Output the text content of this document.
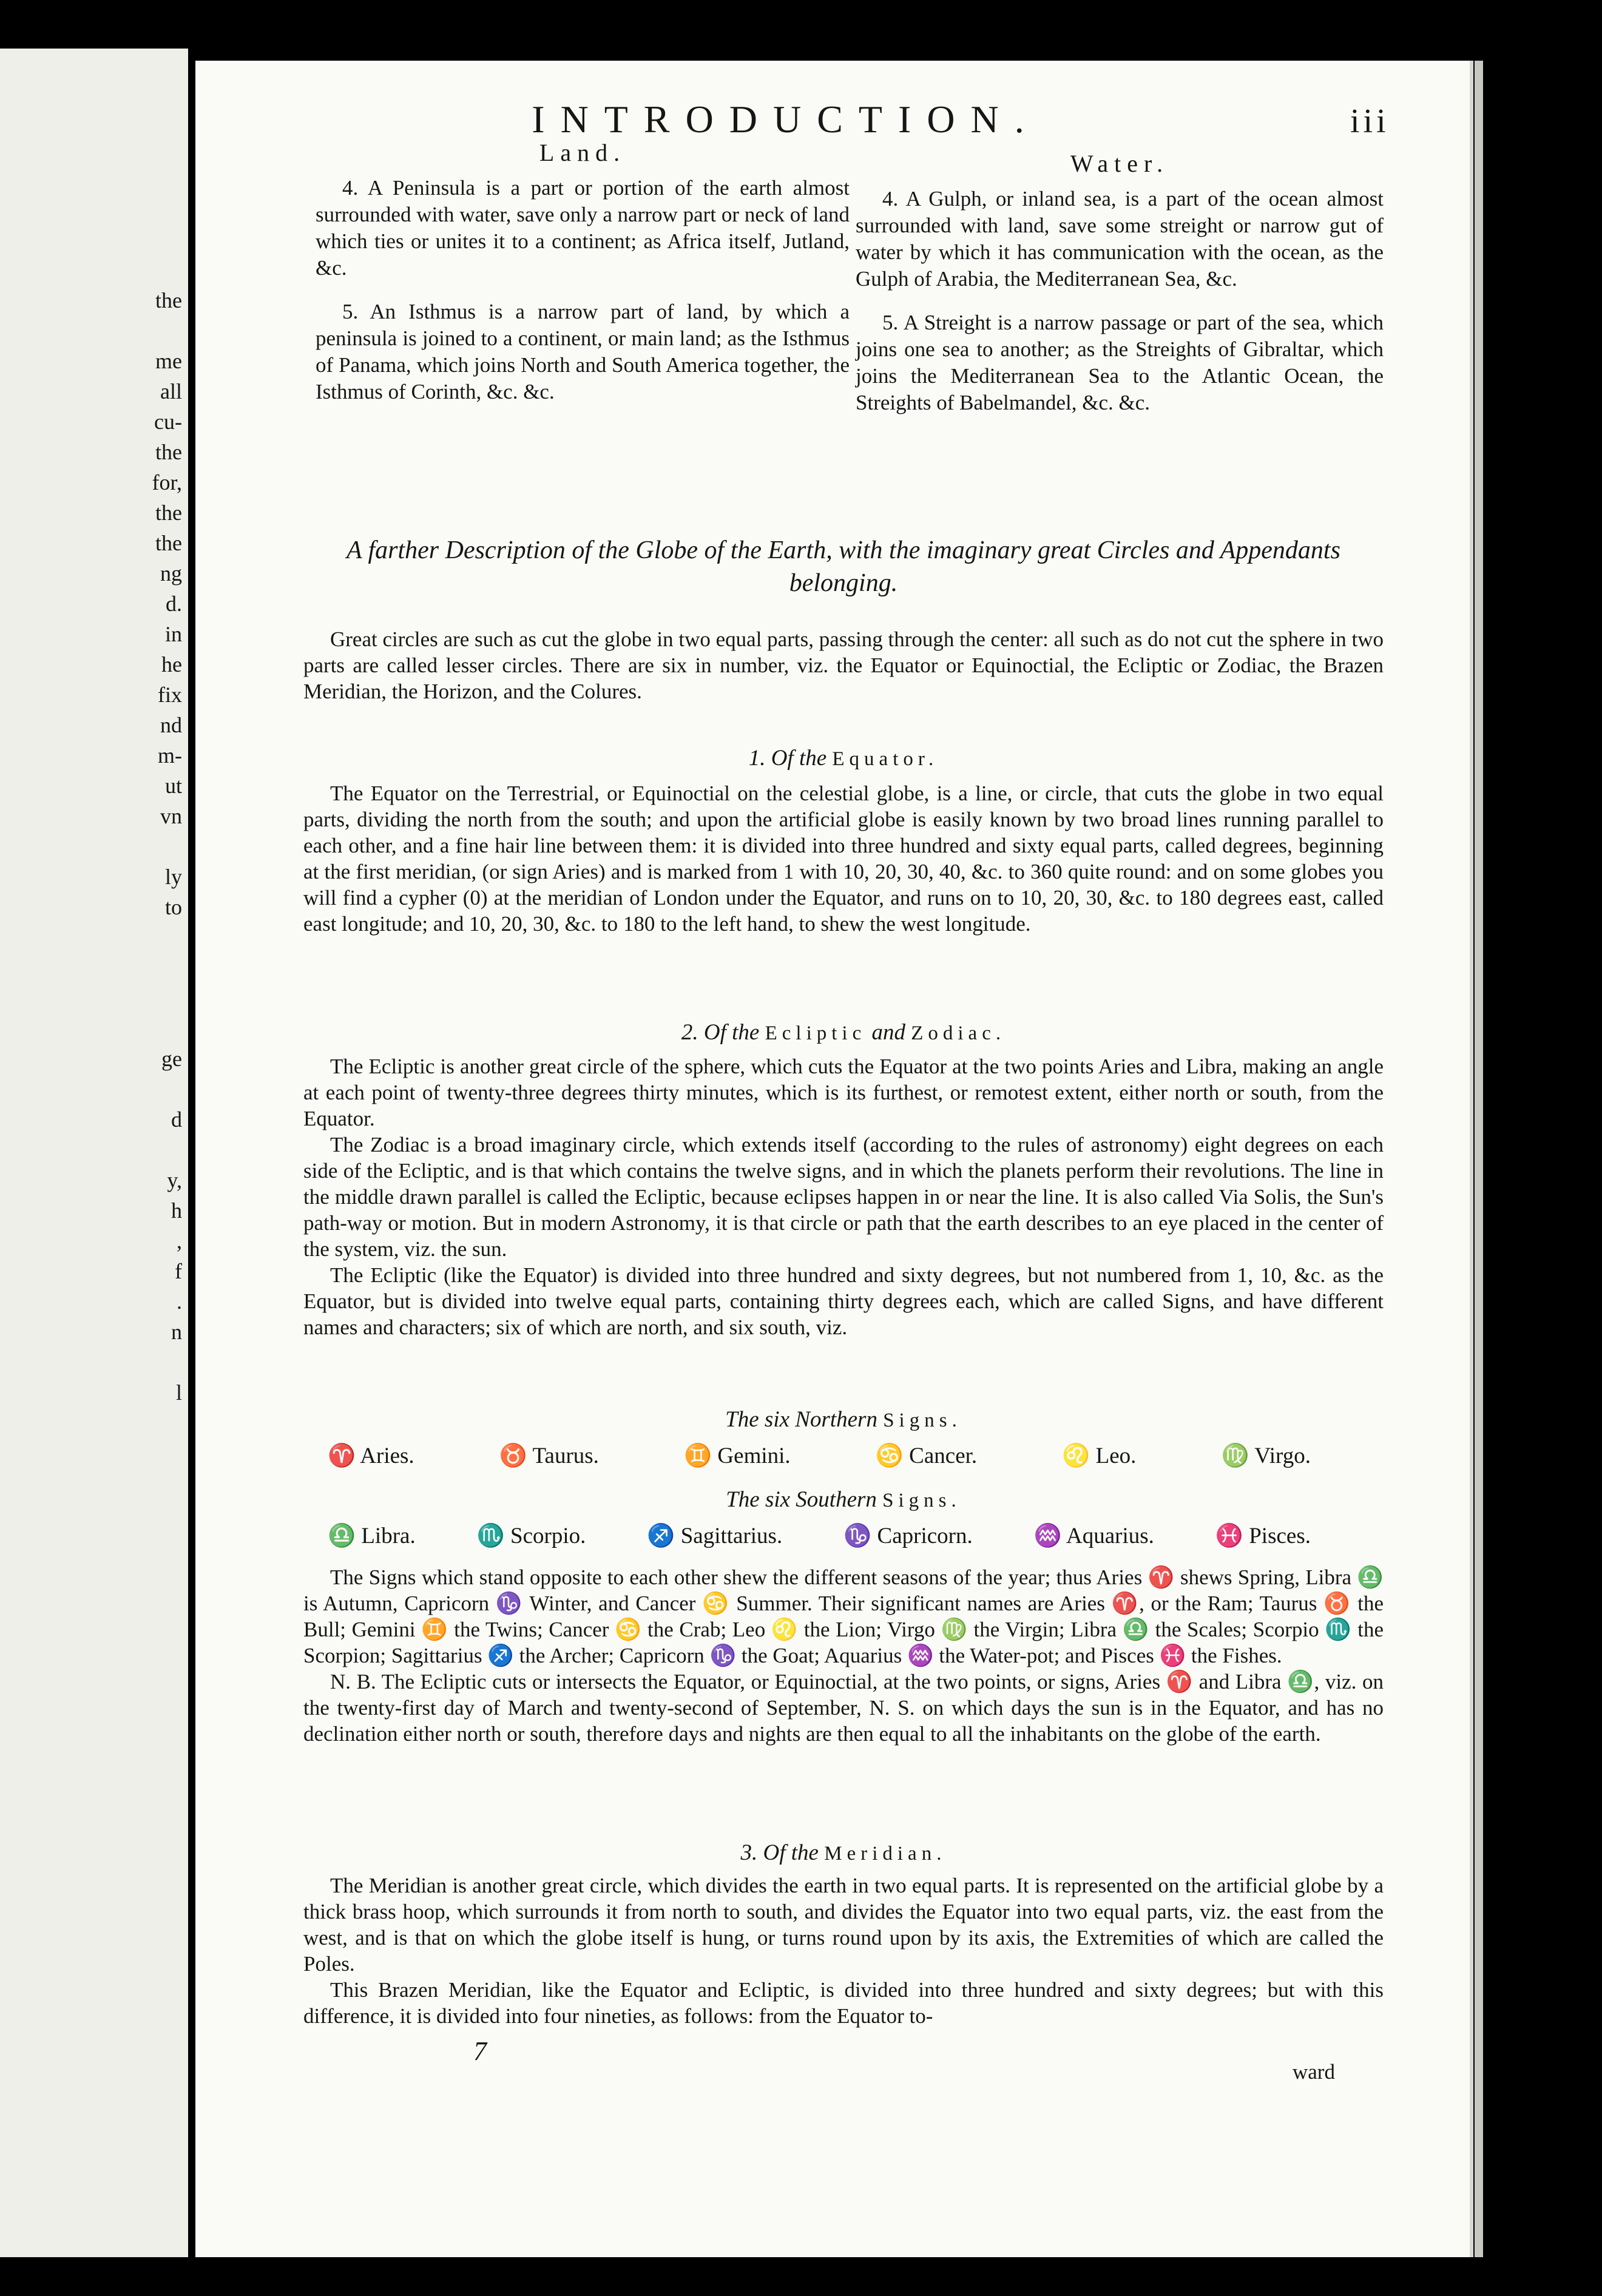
the
me
all
cu-
the
for,
the
the
ng
d.
in
he
fix
nd
m-
ut
vn
ly
to
ge
d
y,
h
,
f
.
n
l
INTRODUCTION.	iii
Land.

4. A Peninsula is a part or portion of the earth almost surrounded with water, save only a narrow part or neck of land which ties or unites it to a continent; as Africa itself, Jutland, &c.

5. An Isthmus is a narrow part of land, by which a peninsula is joined to a continent, or main land; as the Isthmus of Panama, which joins North and South America together, the Isthmus of Corinth, &c. &c.

Water.

4. A Gulph, or inland sea, is a part of the ocean almost surrounded with land, save some streight or narrow gut of water by which it has communication with the ocean, as the Gulph of Arabia, the Mediterranean Sea, &c.

5. A Streight is a narrow passage or part of the sea, which joins one sea to another; as the Streights of Gibraltar, which joins the Mediterranean Sea to the Atlantic Ocean, the Streights of Babelmandel, &c. &c.

A farther Description of the Globe of the Earth, with the imaginary great Circles and Appendants belonging.

Great circles are such as cut the globe in two equal parts, passing through the center: all such as do not cut the sphere in two parts are called lesser circles. There are six in number, viz. the Equator or Equinoctial, the Ecliptic or Zodiac, the Brazen Meridian, the Horizon, and the Colures.

1. Of the Equator.

The Equator on the Terrestrial, or Equinoctial on the celestial globe, is a line, or circle, that cuts the globe in two equal parts, dividing the north from the south; and upon the artificial globe is easily known by two broad lines running parallel to each other, and a fine hair line between them: it is divided into three hundred and sixty equal parts, called degrees, beginning at the first meridian, (or sign Aries) and is marked from 1 with 10, 20, 30, 40, &c. to 360 quite round: and on some globes you will find a cypher (0) at the meridian of London under the Equator, and runs on to 10, 20, 30, &c. to 180 degrees east, called east longitude; and 10, 20, 30, &c. to 180 to the left hand, to shew the west longitude.

2. Of the Ecliptic and Zodiac.

The Ecliptic is another great circle of the sphere, which cuts the Equator at the two points Aries and Libra, making an angle at each point of twenty-three degrees thirty minutes, which is its furthest, or remotest extent, either north or south, from the Equator.

The Zodiac is a broad imaginary circle, which extends itself (according to the rules of astronomy) eight degrees on each side of the Ecliptic, and is that which contains the twelve signs, and in which the planets perform their revolutions. The line in the middle drawn parallel is called the Ecliptic, because eclipses happen in or near the line. It is also called Via Solis, the Sun's path-way or motion. But in modern Astronomy, it is that circle or path that the earth describes to an eye placed in the center of the system, viz. the sun.

The Ecliptic (like the Equator) is divided into three hundred and sixty degrees, but not numbered from 1, 10, &c. as the Equator, but is divided into twelve equal parts, containing thirty degrees each, which are called Signs, and have different names and characters; six of which are north, and six south, viz.

The six Northern Signs.
♈ Aries.	♉ Taurus.	♊ Gemini.	♋ Cancer.	♌ Leo.	♍ Virgo.
The six Southern Signs.
♎ Libra.	♏ Scorpio.	♐ Sagittarius.	♑ Capricorn.	♒ Aquarius.	♓ Pisces.

The Signs which stand opposite to each other shew the different seasons of the year; thus Aries ♈ shews Spring, Libra ♎ is Autumn, Capricorn ♑ Winter, and Cancer ♋ Summer. Their significant names are Aries ♈, or the Ram; Taurus ♉ the Bull; Gemini ♊ the Twins; Cancer ♋ the Crab; Leo ♌ the Lion; Virgo ♍ the Virgin; Libra ♎ the Scales; Scorpio ♏ the Scorpion; Sagittarius ♐ the Archer; Capricorn ♑ the Goat; Aquarius ♒ the Water-pot; and Pisces ♓ the Fishes.

N. B. The Ecliptic cuts or intersects the Equator, or Equinoctial, at the two points, or signs, Aries ♈ and Libra ♎, viz. on the twenty-first day of March and twenty-second of September, N. S. on which days the sun is in the Equator, and has no declination either north or south, therefore days and nights are then equal to all the inhabitants on the globe of the earth.

3. Of the Meridian.

The Meridian is another great circle, which divides the earth in two equal parts. It is represented on the artificial globe by a thick brass hoop, which surrounds it from north to south, and divides the Equator into two equal parts, viz. the east from the west, and is that on which the globe itself is hung, or turns round upon by its axis, the Extremities of which are called the Poles.

This Brazen Meridian, like the Equator and Ecliptic, is divided into three hundred and sixty degrees; but with this difference, it is divided into four nineties, as follows: from the Equator to-

7
ward
